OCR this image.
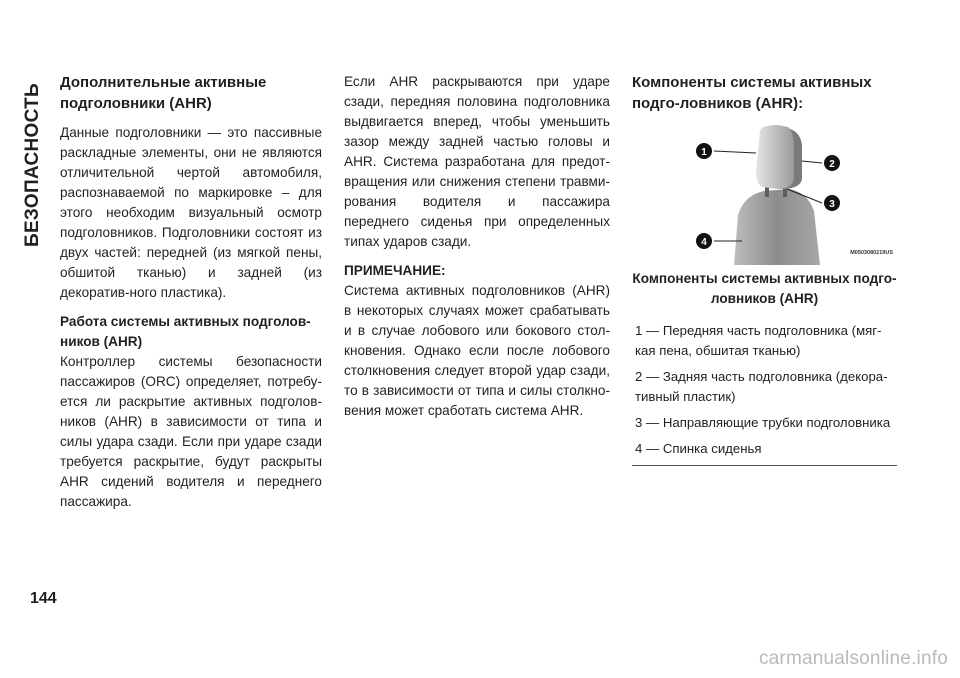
БЕЗОПАСНОСТЬ
Дополнительные активные подголовники (AHR)

Данные подголовники — это пассивные раскладные элементы, они не являются отличительной чертой автомобиля, распознаваемой по маркировке – для этого необходим визуальный осмотр подголовников. Подголовники состоят из двух частей: передней (из мягкой пены, обшитой тканью) и задней (из декоратив-ного пластика).

Работа системы активных подголов-ников (AHR)

Контроллер системы безопасности пассажиров (ORC) определяет, потребу-ется ли раскрытие активных подголов-ников (AHR) в зависимости от типа и силы удара сзади. Если при ударе сзади требуется раскрытие, будут раскрыты AHR сидений водителя и переднего пассажира.

Если AHR раскрываются при ударе сзади, передняя половина подголовника выдвигается вперед, чтобы уменьшить зазор между задней частью головы и AHR. Система разработана для предот-вращения или снижения степени травми-рования водителя и пассажира переднего сиденья при определенных типах ударов сзади.

ПРИМЕЧАНИЕ:

Система активных подголовников (AHR) в некоторых случаях может срабатывать и в случае лобового или бокового стол-кновения. Однако если после лобового столкновения следует второй удар сзади, то в зависимости от типа и силы столкно-вения может сработать система AHR.

Компоненты системы активных подго-ловников (AHR):
1
2
3
4
M0503080219US
Компоненты системы активных подго-ловников (AHR)
1 — Передняя часть подголовника (мяг-кая пена, обшитая тканью)
2 — Задняя часть подголовника (декора-тивный пластик)
3 — Направляющие трубки подголовника
4 — Спинка сиденья
144
carmanualsonline.info
